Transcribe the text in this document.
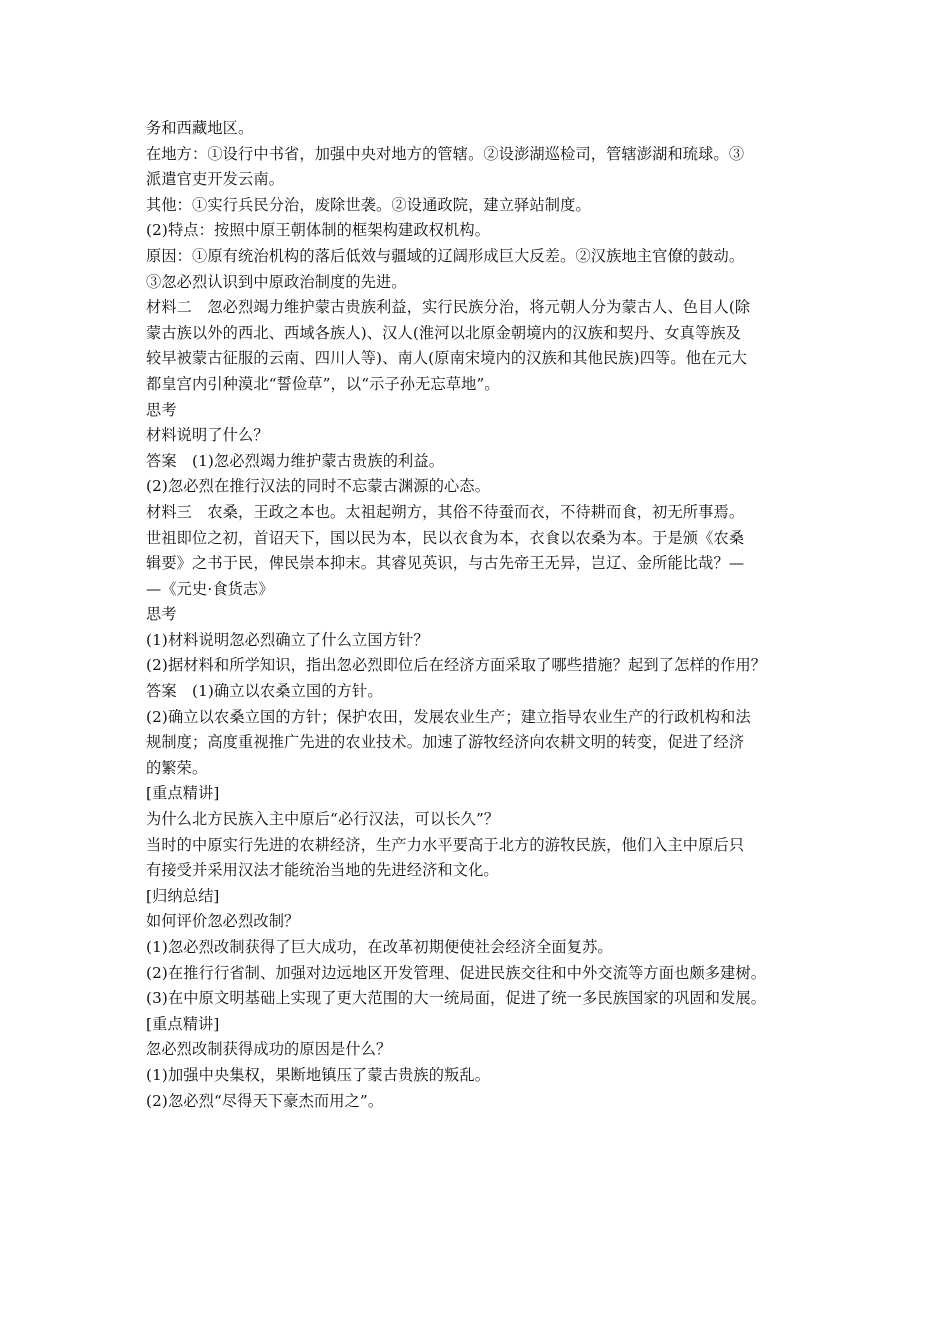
务和西藏地区。
在地方：①设行中书省，加强中央对地方的管辖。②设澎湖巡检司，管辖澎湖和琉球。③
派遣官吏开发云南。
其他：①实行兵民分治，废除世袭。②设通政院，建立驿站制度。
(2)特点：按照中原王朝体制的框架构建政权机构。
原因：①原有统治机构的落后低效与疆域的辽阔形成巨大反差。②汉族地主官僚的鼓动。
③忽必烈认识到中原政治制度的先进。
材料二　忽必烈竭力维护蒙古贵族利益，实行民族分治，将元朝人分为蒙古人、色目人(除
蒙古族以外的西北、西域各族人)、汉人(淮河以北原金朝境内的汉族和契丹、女真等族及
较早被蒙古征服的云南、四川人等)、南人(原南宋境内的汉族和其他民族)四等。他在元大
都皇宫内引种漠北“誓俭草”，以“示子孙无忘草地”。
思考
材料说明了什么？
答案　(1)忽必烈竭力维护蒙古贵族的利益。
(2)忽必烈在推行汉法的同时不忘蒙古渊源的心态。
材料三　农桑，王政之本也。太祖起朔方，其俗不待蚕而衣，不待耕而食，初无所事焉。
世祖即位之初，首诏天下，国以民为本，民以衣食为本，衣食以农桑为本。于是颁《农桑
辑要》之书于民，俾民崇本抑末。其睿见英识，与古先帝王无异，岂辽、金所能比哉？—
—《元史·食货志》
思考
(1)材料说明忽必烈确立了什么立国方针？
(2)据材料和所学知识，指出忽必烈即位后在经济方面采取了哪些措施？起到了怎样的作用？
答案　(1)确立以农桑立国的方针。
(2)确立以农桑立国的方针；保护农田，发展农业生产；建立指导农业生产的行政机构和法
规制度；高度重视推广先进的农业技术。加速了游牧经济向农耕文明的转变，促进了经济
的繁荣。
[重点精讲]
为什么北方民族入主中原后“必行汉法，可以长久”？
当时的中原实行先进的农耕经济，生产力水平要高于北方的游牧民族，他们入主中原后只
有接受并采用汉法才能统治当地的先进经济和文化。
[归纳总结]
如何评价忽必烈改制？
(1)忽必烈改制获得了巨大成功，在改革初期便使社会经济全面复苏。
(2)在推行行省制、加强对边远地区开发管理、促进民族交往和中外交流等方面也颇多建树。
(3)在中原文明基础上实现了更大范围的大一统局面，促进了统一多民族国家的巩固和发展。
[重点精讲]
忽必烈改制获得成功的原因是什么？
(1)加强中央集权，果断地镇压了蒙古贵族的叛乱。
(2)忽必烈“尽得天下豪杰而用之”。
